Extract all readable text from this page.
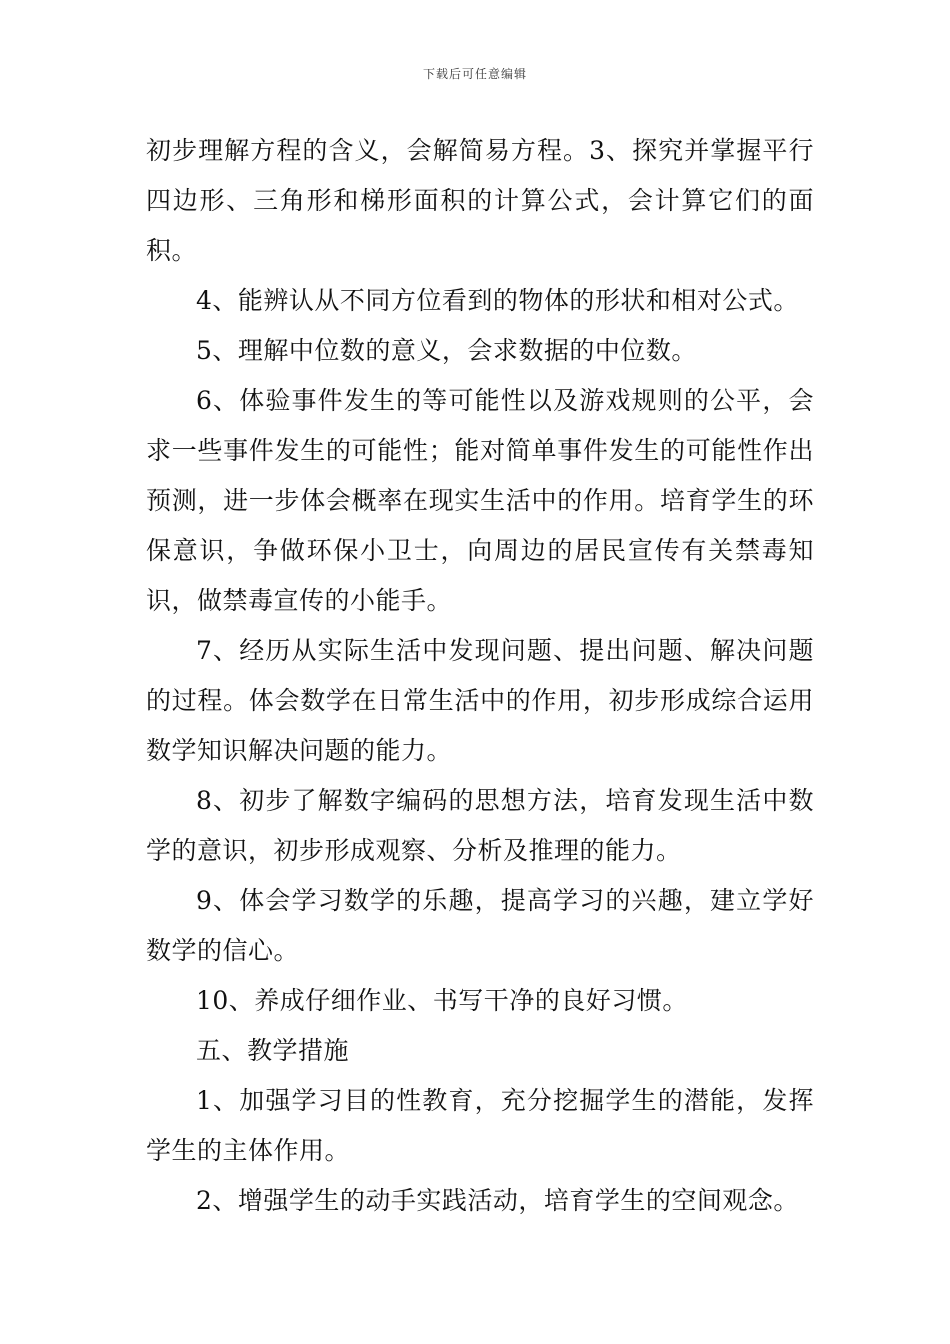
下载后可任意编辑

初步理解方程的含义，会解简易方程。3、探究并掌握平行四边形、三角形和梯形面积的计算公式，会计算它们的面积。

4、能辨认从不同方位看到的物体的形状和相对公式。

5、理解中位数的意义，会求数据的中位数。

6、体验事件发生的等可能性以及游戏规则的公平，会求一些事件发生的可能性；能对简单事件发生的可能性作出预测，进一步体会概率在现实生活中的作用。培育学生的环保意识，争做环保小卫士，向周边的居民宣传有关禁毒知识，做禁毒宣传的小能手。

7、经历从实际生活中发现问题、提出问题、解决问题的过程。体会数学在日常生活中的作用，初步形成综合运用数学知识解决问题的能力。

8、初步了解数字编码的思想方法，培育发现生活中数学的意识，初步形成观察、分析及推理的能力。

9、体会学习数学的乐趣，提高学习的兴趣，建立学好数学的信心。

10、养成仔细作业、书写干净的良好习惯。

五、教学措施

1、加强学习目的性教育，充分挖掘学生的潜能，发挥学生的主体作用。

2、增强学生的动手实践活动，培育学生的空间观念。
